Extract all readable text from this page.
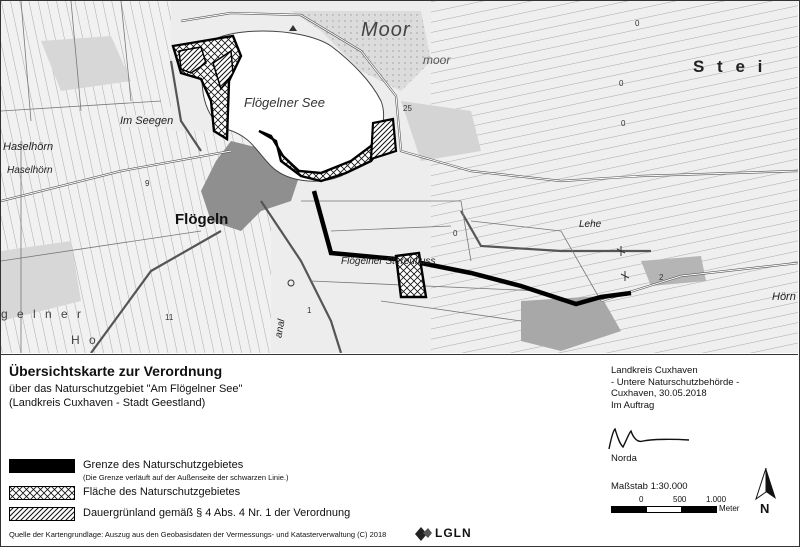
Moor
moor
Flögelner See
S t e i
Im Seegen
Haselhörn
Haselhörn
Flögeln
Flögelner Stereufluss
Lehe
Hörn
g e l n e r
H o
anal
25
0
0
9
2
11
1
0
0
Übersichtskarte zur Verordnung
über das Naturschutzgebiet "Am Flögelner See"
(Landkreis Cuxhaven - Stadt Geestland)
Grenze des Naturschutzgebietes
(Die Grenze verläuft auf der Außenseite der schwarzen Linie.)
Fläche des Naturschutzgebietes
Dauergrünland gemäß § 4 Abs. 4 Nr. 1 der Verordnung
Quelle der Kartengrundlage: Auszug aus den Geobasisdaten der Vermessungs- und Katasterverwaltung (C) 2018	LGLN
Landkreis Cuxhaven
- Untere Naturschutzbehörde -
Cuxhaven, 30.05.2018
Im Auftrag
Norda
Maßstab 1:30.000
0	500 1.000
Meter N
